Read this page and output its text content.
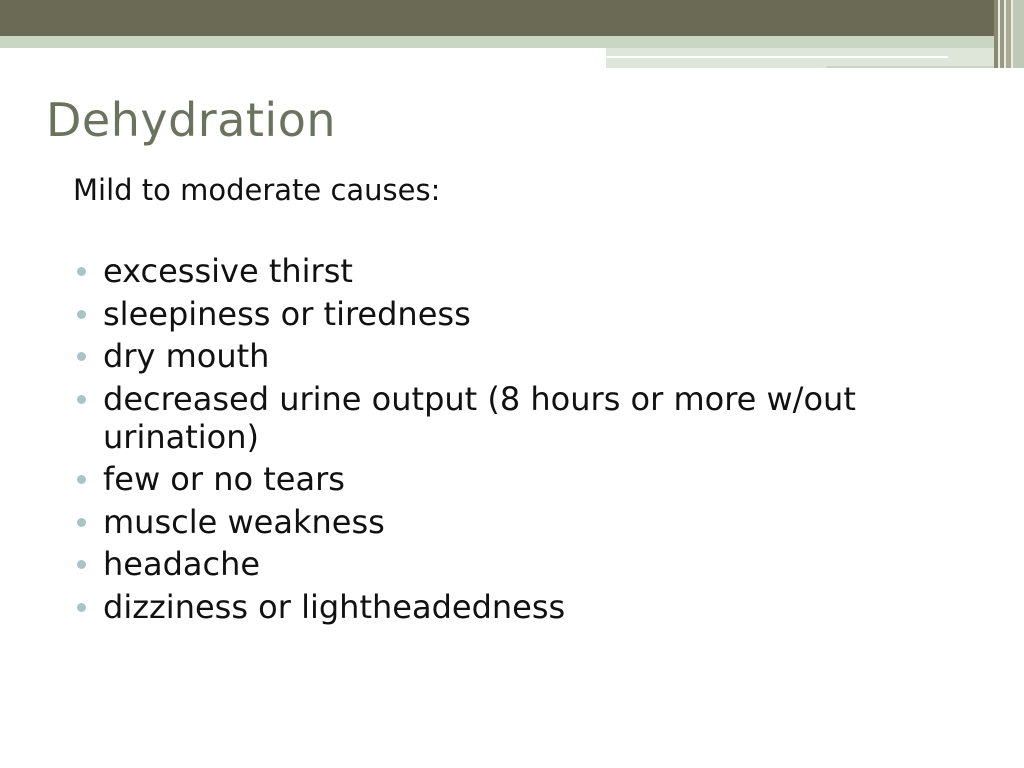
Dehydration

Mild to moderate causes:

excessive thirst
sleepiness or tiredness
dry mouth
decreased urine output (8 hours or more w/out urination)
few or no tears
muscle weakness
headache
dizziness or lightheadedness
